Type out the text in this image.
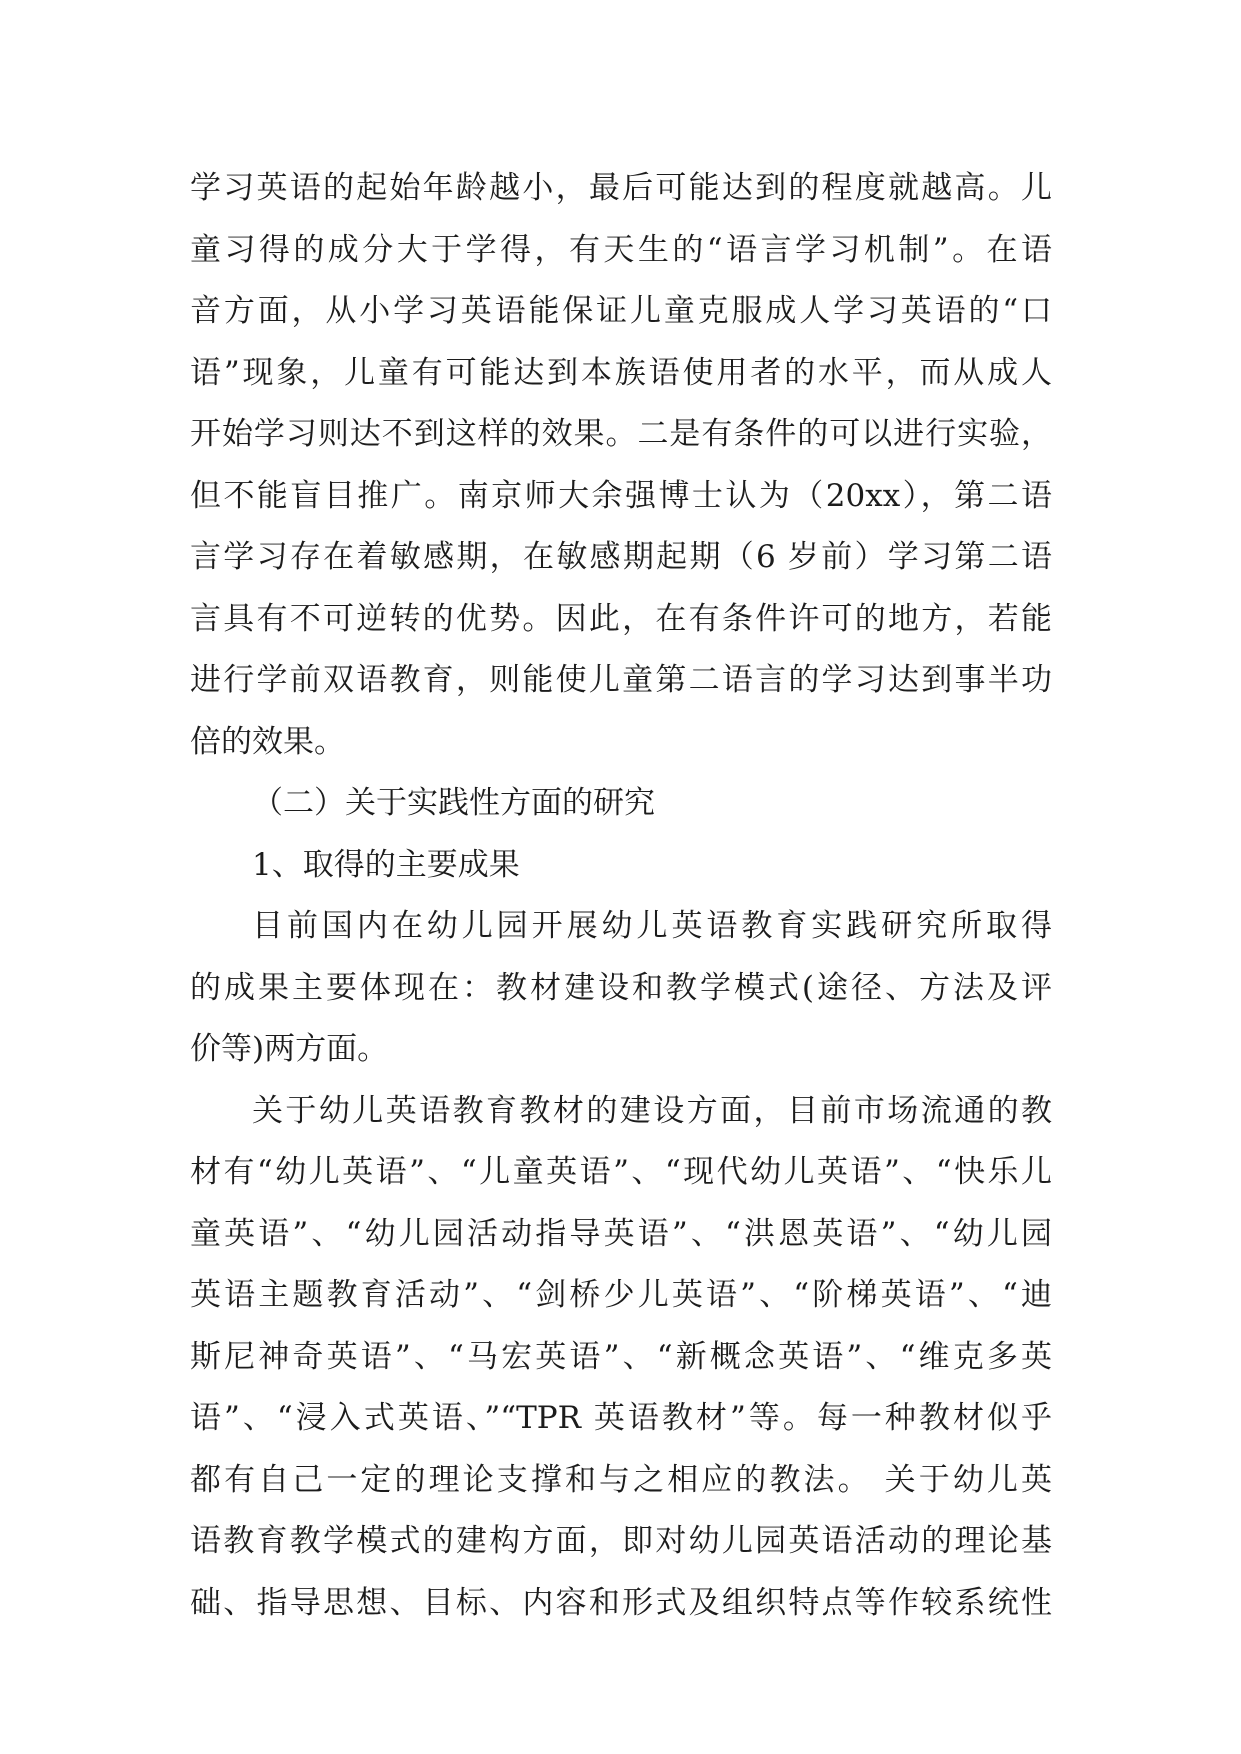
学习英语的起始年龄越小，最后可能达到的程度就越高。儿
童习得的成分大于学得，有天生的“语言学习机制”。在语
音方面，从小学习英语能保证儿童克服成人学习英语的“口
语”现象，儿童有可能达到本族语使用者的水平，而从成人
开始学习则达不到这样的效果。二是有条件的可以进行实验，
但不能盲目推广。南京师大余强博士认为（20xx），第二语
言学习存在着敏感期，在敏感期起期（6 岁前）学习第二语
言具有不可逆转的优势。因此，在有条件许可的地方，若能
进行学前双语教育，则能使儿童第二语言的学习达到事半功
倍的效果。
（二）关于实践性方面的研究
1、取得的主要成果
目前国内在幼儿园开展幼儿英语教育实践研究所取得
的成果主要体现在：教材建设和教学模式(途径、方法及评
价等)两方面。
关于幼儿英语教育教材的建设方面，目前市场流通的教
材有“幼儿英语”、“儿童英语”、“现代幼儿英语”、“快乐儿
童英语”、“幼儿园活动指导英语”、“洪恩英语”、“幼儿园
英语主题教育活动”、“剑桥少儿英语”、“阶梯英语”、“迪
斯尼神奇英语”、“马宏英语”、“新概念英语”、“维克多英
语”、“浸入式英语、”“TPR 英语教材”等。每一种教材似乎
都有自己一定的理论支撑和与之相应的教法。 关于幼儿英
语教育教学模式的建构方面，即对幼儿园英语活动的理论基
础、指导思想、目标、内容和形式及组织特点等作较系统性
